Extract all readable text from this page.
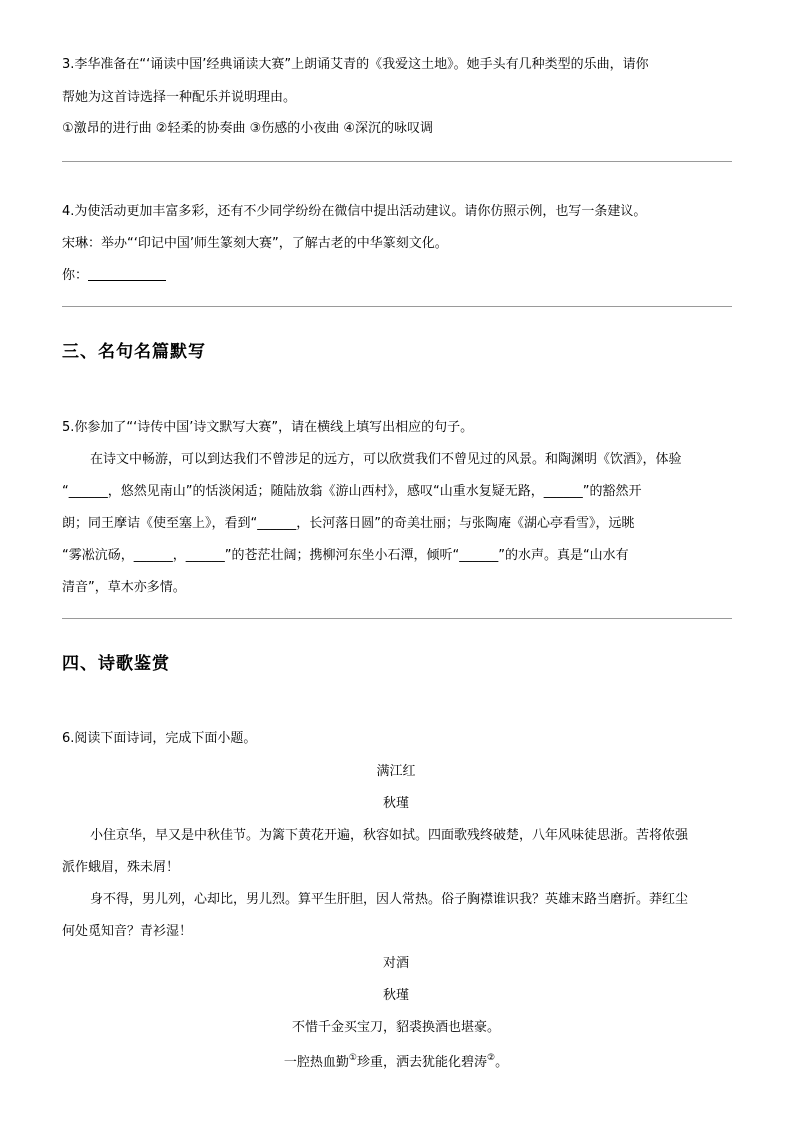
3.李华准备在“‘诵读中国’经典诵读大赛”上朗诵艾青的《我爱这土地》。她手头有几种类型的乐曲，请你
帮她为这首诗选择一种配乐并说明理由。
①激昂的进行曲 ②轻柔的协奏曲 ③伤感的小夜曲 ④深沉的咏叹调
4.为使活动更加丰富多彩，还有不少同学纷纷在微信中提出活动建议。请你仿照示例，也写一条建议。
宋琳：举办“‘印记中国’师生篆刻大赛”，了解古老的中华篆刻文化。
你：
三、名句名篇默写
5.你参加了“‘诗传中国’诗文默写大赛”，请在横线上填写出相应的句子。
在诗文中畅游，可以到达我们不曾涉足的远方，可以欣赏我们不曾见过的风景。和陶渊明《饮酒》，体验
“______，悠然见南山”的恬淡闲适；随陆放翁《游山西村》，感叹“山重水复疑无路，______”的豁然开
朗；同王摩诘《使至塞上》，看到“______，长河落日圆”的奇美壮丽；与张陶庵《湖心亭看雪》，远眺
“雾凇沆砀，______，______”的苍茫壮阔；携柳河东坐小石潭，倾听“______”的水声。真是“山水有
清音”，草木亦多情。
四、诗歌鉴赏
6.阅读下面诗词，完成下面小题。
满江红
秋瑾
小住京华，早又是中秋佳节。为篱下黄花开遍，秋容如拭。四面歌残终破楚，八年风味徒思浙。苦将侬强
派作蛾眉，殊未屑！
身不得，男儿列，心却比，男儿烈。算平生肝胆，因人常热。俗子胸襟谁识我？英雄末路当磨折。莽红尘
何处觅知音？青衫湿！
对酒
秋瑾
不惜千金买宝刀，貂裘换酒也堪豪。
一腔热血勤①珍重，洒去犹能化碧涛②。
